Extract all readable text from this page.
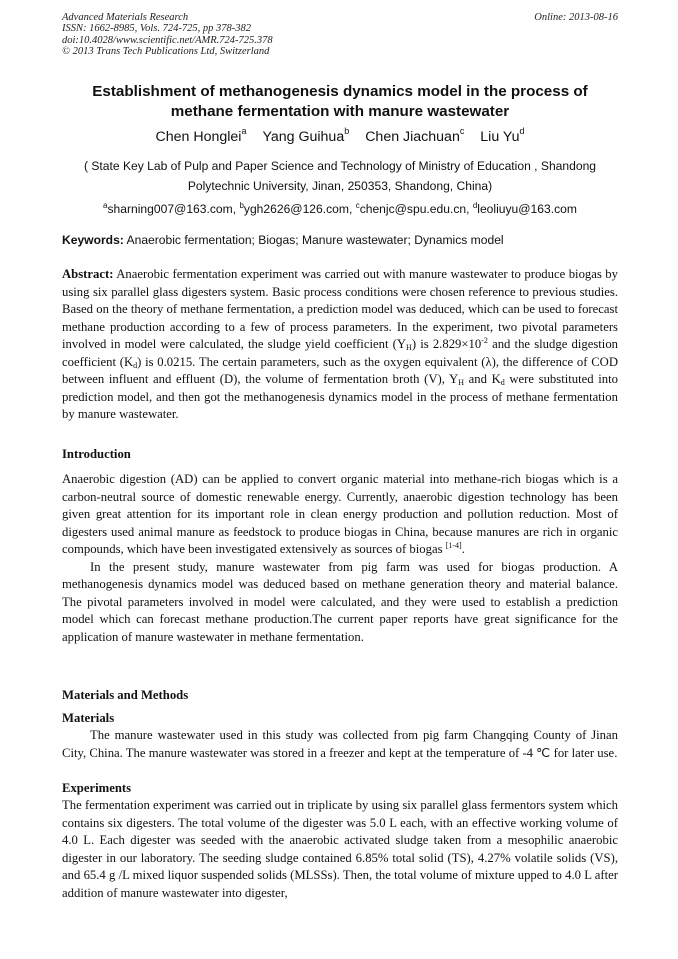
Advanced Materials Research
ISSN: 1662-8985, Vols. 724-725, pp 378-382
doi:10.4028/www.scientific.net/AMR.724-725.378
© 2013 Trans Tech Publications Ltd, Switzerland
Online: 2013-08-16
Establishment of methanogenesis dynamics model in the process of
methane fermentation with manure wastewater
Chen Honglei$^a$ Yang Guihua$^b$ Chen Jiachuan$^c$ Liu Yu$^d$
( State Key Lab of Pulp and Paper Science and Technology of Ministry of Education , Shandong
Polytechnic University, Jinan, 250353, Shandong, China)
$^a$sharning007@163.com, $^b$ygh2626@126.com, $^c$chenjc@spu.edu.cn, $^d$leoliuyu@163.com
Keywords: Anaerobic fermentation; Biogas; Manure wastewater; Dynamics model

Abstract: Anaerobic fermentation experiment was carried out with manure wastewater to produce biogas by using six parallel glass digesters system. Basic process conditions were chosen reference to previous studies. Based on the theory of methane fermentation, a prediction model was deduced, which can be used to forecast methane production according to a few of process parameters. In the experiment, two pivotal parameters involved in model were calculated, the sludge yield coefficient $(Y_H)$ is $2.829\times 10^{-2}$ and the sludge digestion coefficient $(K_d)$ is 0.0215. The certain parameters, such as the oxygen equivalent (λ), the difference of COD between influent and effluent (D), the volume of fermentation broth (V), $Y_H$ and $K_d$ were substituted into prediction model, and then got the methanogenesis dynamics model in the process of methane fermentation by manure wastewater.

Introduction

Anaerobic digestion (AD) can be applied to convert organic material into methane-rich biogas which is a carbon-neutral source of domestic renewable energy. Currently, anaerobic digestion technology has been given great attention for its important role in clean energy production and pollution reduction. Most of digesters used animal manure as feedstock to produce biogas in China, because manures are rich in organic compounds, which have been investigated extensively as sources of biogas [1-4].

In the present study, manure wastewater from pig farm was used for biogas production. A methanogenesis dynamics model was deduced based on methane generation theory and material balance. The pivotal parameters involved in model were calculated, and they were used to establish a prediction model which can forecast methane production.The current paper reports have great significance for the application of manure wastewater in methane fermentation.

Materials and Methods
Materials

The manure wastewater used in this study was collected from pig farm Changqing County of Jinan City, China. The manure wastewater was stored in a freezer and kept at the temperature of -4 ℃ for later use.

Experiments

The fermentation experiment was carried out in triplicate by using six parallel glass fermentors system which contains six digesters. The total volume of the digester was 5.0 L each, with an effective working volume of 4.0 L. Each digester was seeded with the anaerobic activated sludge taken from a mesophilic anaerobic digester in our laboratory. The seeding sludge contained 6.85% total solid (TS), 4.27% volatile solids (VS), and 65.4 g /L mixed liquor suspended solids (MLSSs). Then, the total volume of mixture upped to 4.0 L after addition of manure wastewater into digester,
